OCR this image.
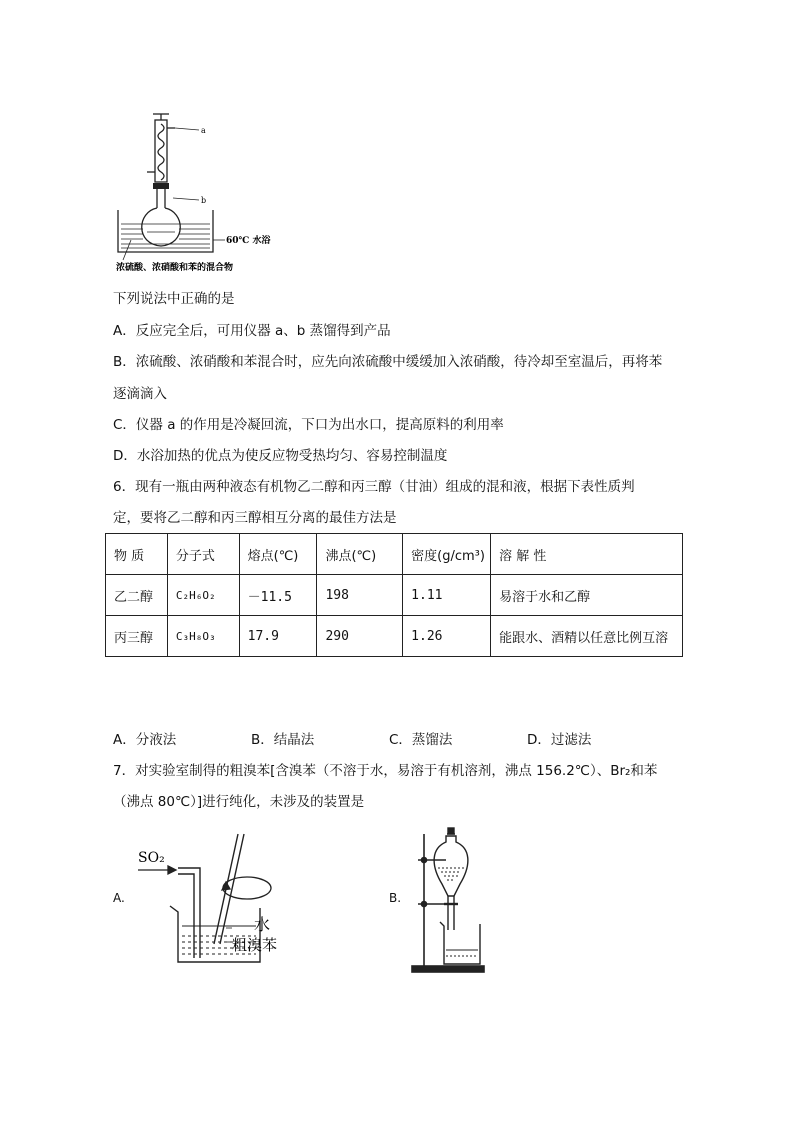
a
b
60℃ 水浴
浓硫酸、浓硝酸和苯的混合物
下列说法中正确的是
A．反应完全后，可用仪器 a、b 蒸馏得到产品
B．浓硫酸、浓硝酸和苯混合时，应先向浓硫酸中缓缓加入浓硝酸，待冷却至室温后，再将苯
逐滴滴入
C．仪器 a 的作用是冷凝回流，下口为出水口，提高原料的利用率
D．水浴加热的优点为使反应物受热均匀、容易控制温度
6．现有一瓶由两种液态有机物乙二醇和丙三醇（甘油）组成的混和液，根据下表性质判
定，要将乙二醇和丙三醇相互分离的最佳方法是
物 质	分子式	熔点(℃)	沸点(℃)	密度(g/cm³)	溶 解 性
乙二醇	C₂H₆O₂	－11.5	198	1.11	易溶于水和乙醇
丙三醇	C₃H₈O₃	17.9	290	1.26	能跟水、酒精以任意比例互溶
A．分液法	B．结晶法	C．蒸馏法	D．过滤法
7．对实验室制得的粗溴苯[含溴苯（不溶于水，易溶于有机溶剂，沸点 156.2℃）、Br₂和苯
（沸点 80℃）]进行纯化，未涉及的装置是
A.
SO₂
水
粗溴苯
B.
